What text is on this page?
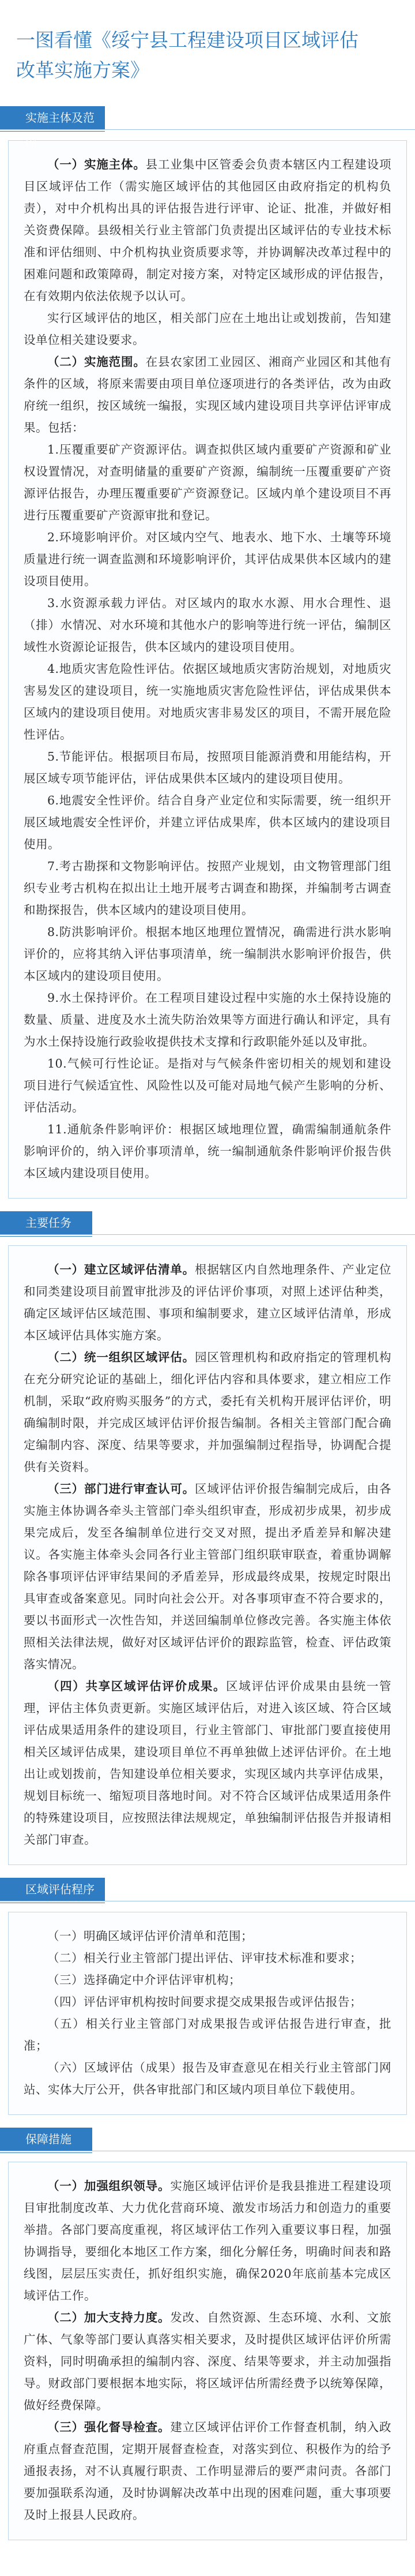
一图看懂《绥宁县工程建设项目区域评估
改革实施方案》
实施主体及范围

（一）实施主体。县工业集中区管委会负责本辖区内工程建设项目区域评估工作（需实施区域评估的其他园区由政府指定的机构负责），对中介机构出具的评估报告进行评审、论证、批准，并做好相关资费保障。县级相关行业主管部门负责提出区域评估的专业技术标准和评估细则、中介机构执业资质要求等，并协调解决改革过程中的困难问题和政策障碍，制定对接方案，对特定区域形成的评估报告，在有效期内依法依规予以认可。

实行区域评估的地区，相关部门应在土地出让或划拨前，告知建设单位相关建设要求。

（二）实施范围。在县农家团工业园区、湘商产业园区和其他有条件的区域，将原来需要由项目单位逐项进行的各类评估，改为由政府统一组织，按区域统一编报，实现区域内建设项目共享评估评审成果。包括：

1.压覆重要矿产资源评估。调查拟供区域内重要矿产资源和矿业权设置情况，对查明储量的重要矿产资源，编制统一压覆重要矿产资源评估报告，办理压覆重要矿产资源登记。区域内单个建设项目不再进行压覆重要矿产资源审批和登记。

2.环境影响评价。对区域内空气、地表水、地下水、土壤等环境质量进行统一调查监测和环境影响评价，其评估成果供本区域内的建设项目使用。

3.水资源承载力评估。对区域内的取水水源、用水合理性、退（排）水情况、对水环境和其他水户的影响等进行统一评估，编制区域性水资源论证报告，供本区域内的建设项目使用。

4.地质灾害危险性评估。依据区域地质灾害防治规划，对地质灾害易发区的建设项目，统一实施地质灾害危险性评估，评估成果供本区域内的建设项目使用。对地质灾害非易发区的项目，不需开展危险性评估。

5.节能评估。根据项目布局，按照项目能源消费和用能结构，开展区域专项节能评估，评估成果供本区域内的建设项目使用。

6.地震安全性评价。结合自身产业定位和实际需要，统一组织开展区域地震安全性评价，并建立评估成果库，供本区域内的建设项目使用。

7.考古勘探和文物影响评估。按照产业规划，由文物管理部门组织专业考古机构在拟出让土地开展考古调查和勘探，并编制考古调查和勘探报告，供本区域内的建设项目使用。

8.防洪影响评价。根据本地区地理位置情况，确需进行洪水影响评价的，应将其纳入评估事项清单，统一编制洪水影响评价报告，供本区域内的建设项目使用。

9.水土保持评价。在工程项目建设过程中实施的水土保持设施的数量、质量、进度及水土流失防治效果等方面进行确认和评定，具有为水土保持设施行政验收提供技术支撑和行政职能外延以及审批。

10.气候可行性论证。是指对与气候条件密切相关的规划和建设项目进行气候适宜性、风险性以及可能对局地气候产生影响的分析、评估活动。

11.通航条件影响评价：根据区域地理位置，确需编制通航条件影响评价的，纳入评价事项清单，统一编制通航条件影响评价报告供本区域内建设项目使用。

主要任务

（一）建立区域评估清单。根据辖区内自然地理条件、产业定位和同类建设项目前置审批涉及的评估评价事项，对照上述评估种类，确定区域评估区域范围、事项和编制要求，建立区域评估清单，形成本区域评估具体实施方案。

（二）统一组织区域评估。园区管理机构和政府指定的管理机构在充分研究论证的基础上，细化评估内容和具体要求，建立相应工作机制，采取“政府购买服务”的方式，委托有关机构开展评估评价，明确编制时限，并完成区域评估评价报告编制。各相关主管部门配合确定编制内容、深度、结果等要求，并加强编制过程指导，协调配合提供有关资料。

（三）部门进行审查认可。区域评估评价报告编制完成后，由各实施主体协调各牵头主管部门牵头组织审查，形成初步成果，初步成果完成后，发至各编制单位进行交叉对照，提出矛盾差异和解决建议。各实施主体牵头会同各行业主管部门组织联审联查，着重协调解除各事项评估评审结果间的矛盾差异，形成最终成果，按规定时限出具审查或备案意见。同时向社会公开。对各事项审查不符合要求的，要以书面形式一次性告知，并送回编制单位修改完善。各实施主体依照相关法律法规，做好对区域评估评价的跟踪监管，检查、评估政策落实情况。

（四）共享区域评估评价成果。区域评估评价成果由县统一管理，评估主体负责更新。实施区域评估后，对进入该区域、符合区域评估成果适用条件的建设项目，行业主管部门、审批部门要直接使用相关区域评估成果，建设项目单位不再单独做上述评估评价。在土地出让或划拨前，告知建设单位相关要求，实现区域内共享评估成果，规划目标统一、缩短项目落地时间。对不符合区域评估成果适用条件的特殊建设项目，应按照法律法规规定，单独编制评估报告并报请相关部门审查。

区域评估程序

（一）明确区域评估评价清单和范围；

（二）相关行业主管部门提出评估、评审技术标准和要求；

（三）选择确定中介评估评审机构；

（四）评估评审机构按时间要求提交成果报告或评估报告；

（五）相关行业主管部门对成果报告或评估报告进行审查，批准；

（六）区域评估（成果）报告及审查意见在相关行业主管部门网站、实体大厅公开，供各审批部门和区域内项目单位下载使用。

保障措施

（一）加强组织领导。实施区域评估评价是我县推进工程建设项目审批制度改革、大力优化营商环境、激发市场活力和创造力的重要举措。各部门要高度重视，将区域评估工作列入重要议事日程，加强协调指导，要细化本地区工作方案，细化分解任务，明确时间表和路线图，层层压实责任，抓好组织实施，确保2020年底前基本完成区域评估工作。

（二）加大支持力度。发改、自然资源、生态环境、水利、文旅广体、气象等部门要认真落实相关要求，及时提供区域评估评价所需资料，同时明确承担的编制内容、深度、结果等要求，并主动加强指导。财政部门要根据本地实际，将区域评估所需经费予以统筹保障，做好经费保障。

（三）强化督导检查。建立区域评估评价工作督查机制，纳入政府重点督查范围，定期开展督查检查，对落实到位、积极作为的给予通报表扬，对不认真履行职责、工作明显滞后的要严肃问责。各部门要加强联系沟通，及时协调解决改革中出现的困难问题，重大事项要及时上报县人民政府。
